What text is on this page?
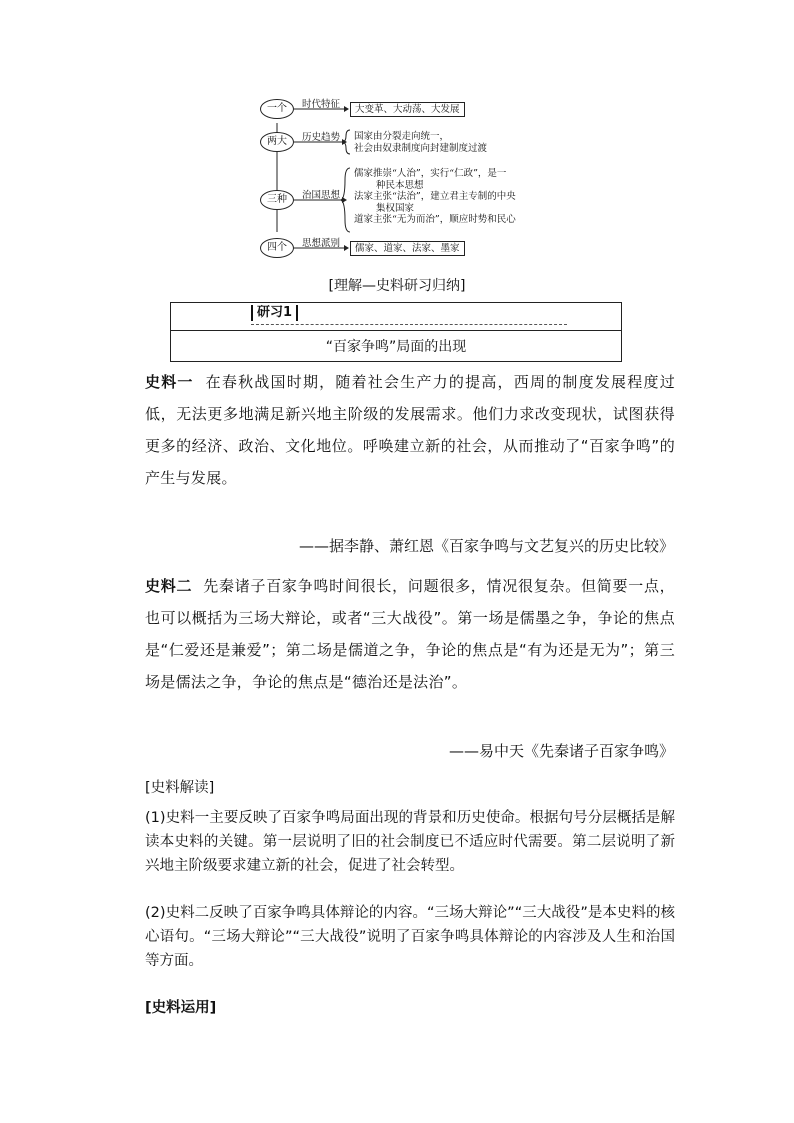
一个
两大
三种
四个
时代特征
历史趋势
治国思想
思想派别
大变革、大动荡、大发展
国家由分裂走向统一，
社会由奴隶制度向封建制度过渡
儒家推崇“人治”，实行“仁政”，是一
种民本思想
法家主张“法治”，建立君主专制的中央
集权国家
道家主张“无为而治”，顺应时势和民心
儒家、道家、法家、墨家
[理解—史料研习归纳]
研习1
“百家争鸣”局面的出现
史料一 在春秋战国时期，随着社会生产力的提高，西周的制度发展程度过低，无法更多地满足新兴地主阶级的发展需求。他们力求改变现状，试图获得更多的经济、政治、文化地位。呼唤建立新的社会，从而推动了“百家争鸣”的产生与发展。
——据李静、萧红恩《百家争鸣与文艺复兴的历史比较》
史料二 先秦诸子百家争鸣时间很长，问题很多，情况很复杂。但简要一点，也可以概括为三场大辩论，或者“三大战役”。第一场是儒墨之争，争论的焦点是“仁爱还是兼爱”；第二场是儒道之争，争论的焦点是“有为还是无为”；第三场是儒法之争，争论的焦点是“德治还是法治”。
——易中天《先秦诸子百家争鸣》
[史料解读]
(1)史料一主要反映了百家争鸣局面出现的背景和历史使命。根据句号分层概括是解读本史料的关键。第一层说明了旧的社会制度已不适应时代需要。第二层说明了新兴地主阶级要求建立新的社会，促进了社会转型。
(2)史料二反映了百家争鸣具体辩论的内容。“三场大辩论”“三大战役”是本史料的核心语句。“三场大辩论”“三大战役”说明了百家争鸣具体辩论的内容涉及人生和治国等方面。
[史料运用]
